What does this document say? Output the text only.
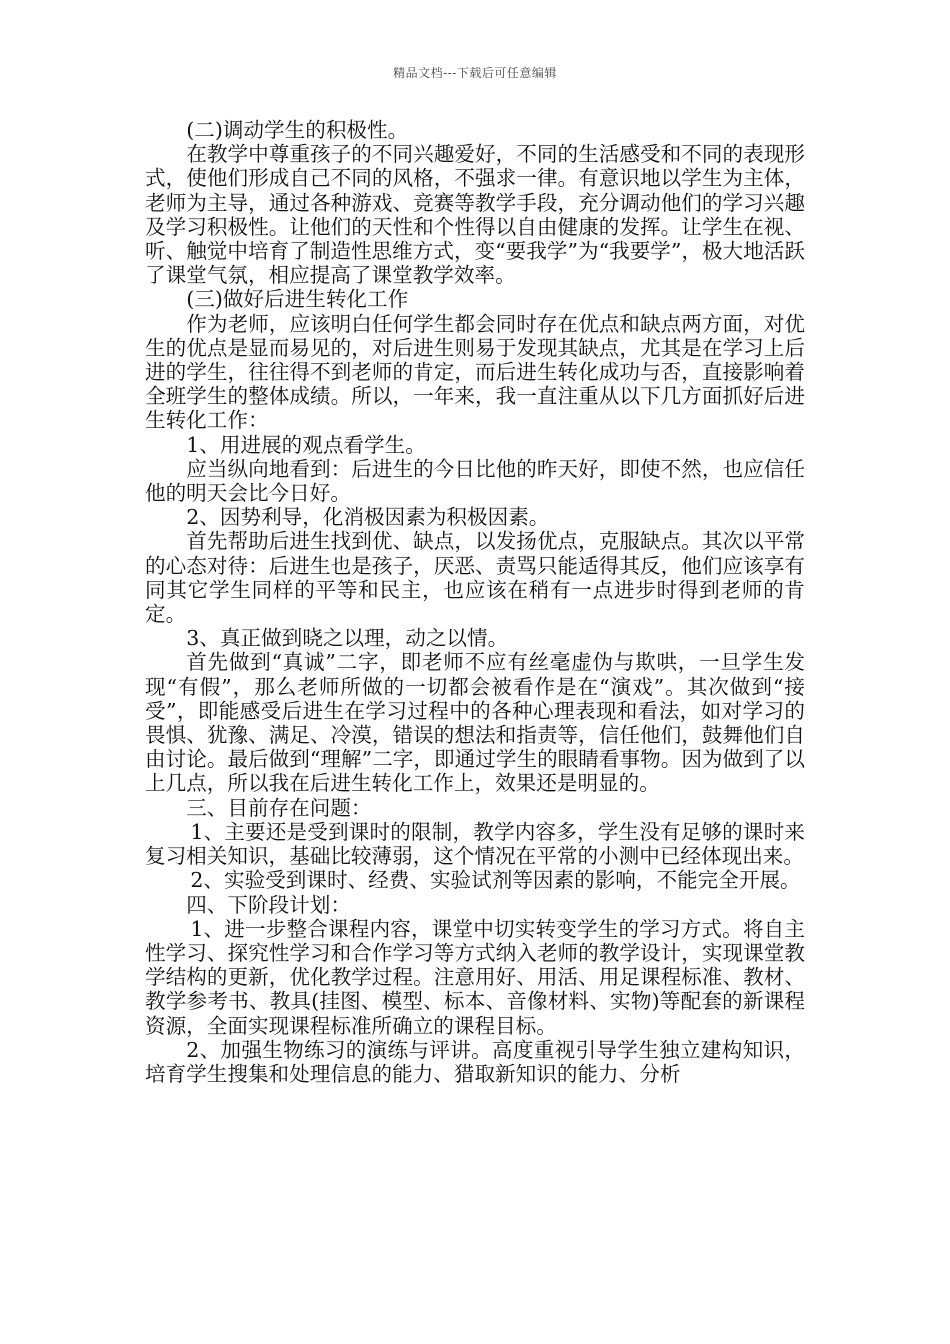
精品文档---下载后可任意编辑

(二)调动学生的积极性。

在教学中尊重孩子的不同兴趣爱好，不同的生活感受和不同的表现形式，使他们形成自己不同的风格，不强求一律。有意识地以学生为主体，老师为主导，通过各种游戏、竞赛等教学手段，充分调动他们的学习兴趣及学习积极性。让他们的天性和个性得以自由健康的发挥。让学生在视、听、触觉中培育了制造性思维方式，变“要我学”为“我要学”，极大地活跃了课堂气氛，相应提高了课堂教学效率。

(三)做好后进生转化工作

作为老师，应该明白任何学生都会同时存在优点和缺点两方面，对优生的优点是显而易见的，对后进生则易于发现其缺点，尤其是在学习上后进的学生，往往得不到老师的肯定，而后进生转化成功与否，直接影响着全班学生的整体成绩。所以，一年来，我一直注重从以下几方面抓好后进生转化工作：

1、用进展的观点看学生。

应当纵向地看到：后进生的今日比他的昨天好，即使不然，也应信任他的明天会比今日好。

2、因势利导，化消极因素为积极因素。

首先帮助后进生找到优、缺点，以发扬优点，克服缺点。其次以平常的心态对待：后进生也是孩子，厌恶、责骂只能适得其反，他们应该享有同其它学生同样的平等和民主，也应该在稍有一点进步时得到老师的肯定。

3、真正做到晓之以理，动之以情。

首先做到“真诚”二字，即老师不应有丝毫虚伪与欺哄，一旦学生发现“有假”，那么老师所做的一切都会被看作是在“演戏”。其次做到“接受”，即能感受后进生在学习过程中的各种心理表现和看法，如对学习的畏惧、犹豫、满足、冷漠，错误的想法和指责等，信任他们，鼓舞他们自由讨论。最后做到“理解”二字，即通过学生的眼睛看事物。因为做到了以上几点，所以我在后进生转化工作上，效果还是明显的。

三、目前存在问题：

1、主要还是受到课时的限制，教学内容多，学生没有足够的课时来复习相关知识，基础比较薄弱，这个情况在平常的小测中已经体现出来。

2、实验受到课时、经费、实验试剂等因素的影响，不能完全开展。

四、下阶段计划：

1、进一步整合课程内容，课堂中切实转变学生的学习方式。将自主性学习、探究性学习和合作学习等方式纳入老师的教学设计，实现课堂教学结构的更新，优化教学过程。注意用好、用活、用足课程标准、教材、教学参考书、教具(挂图、模型、标本、音像材料、实物)等配套的新课程资源，全面实现课程标准所确立的课程目标。

2、加强生物练习的演练与评讲。高度重视引导学生独立建构知识，培育学生搜集和处理信息的能力、猎取新知识的能力、分析
